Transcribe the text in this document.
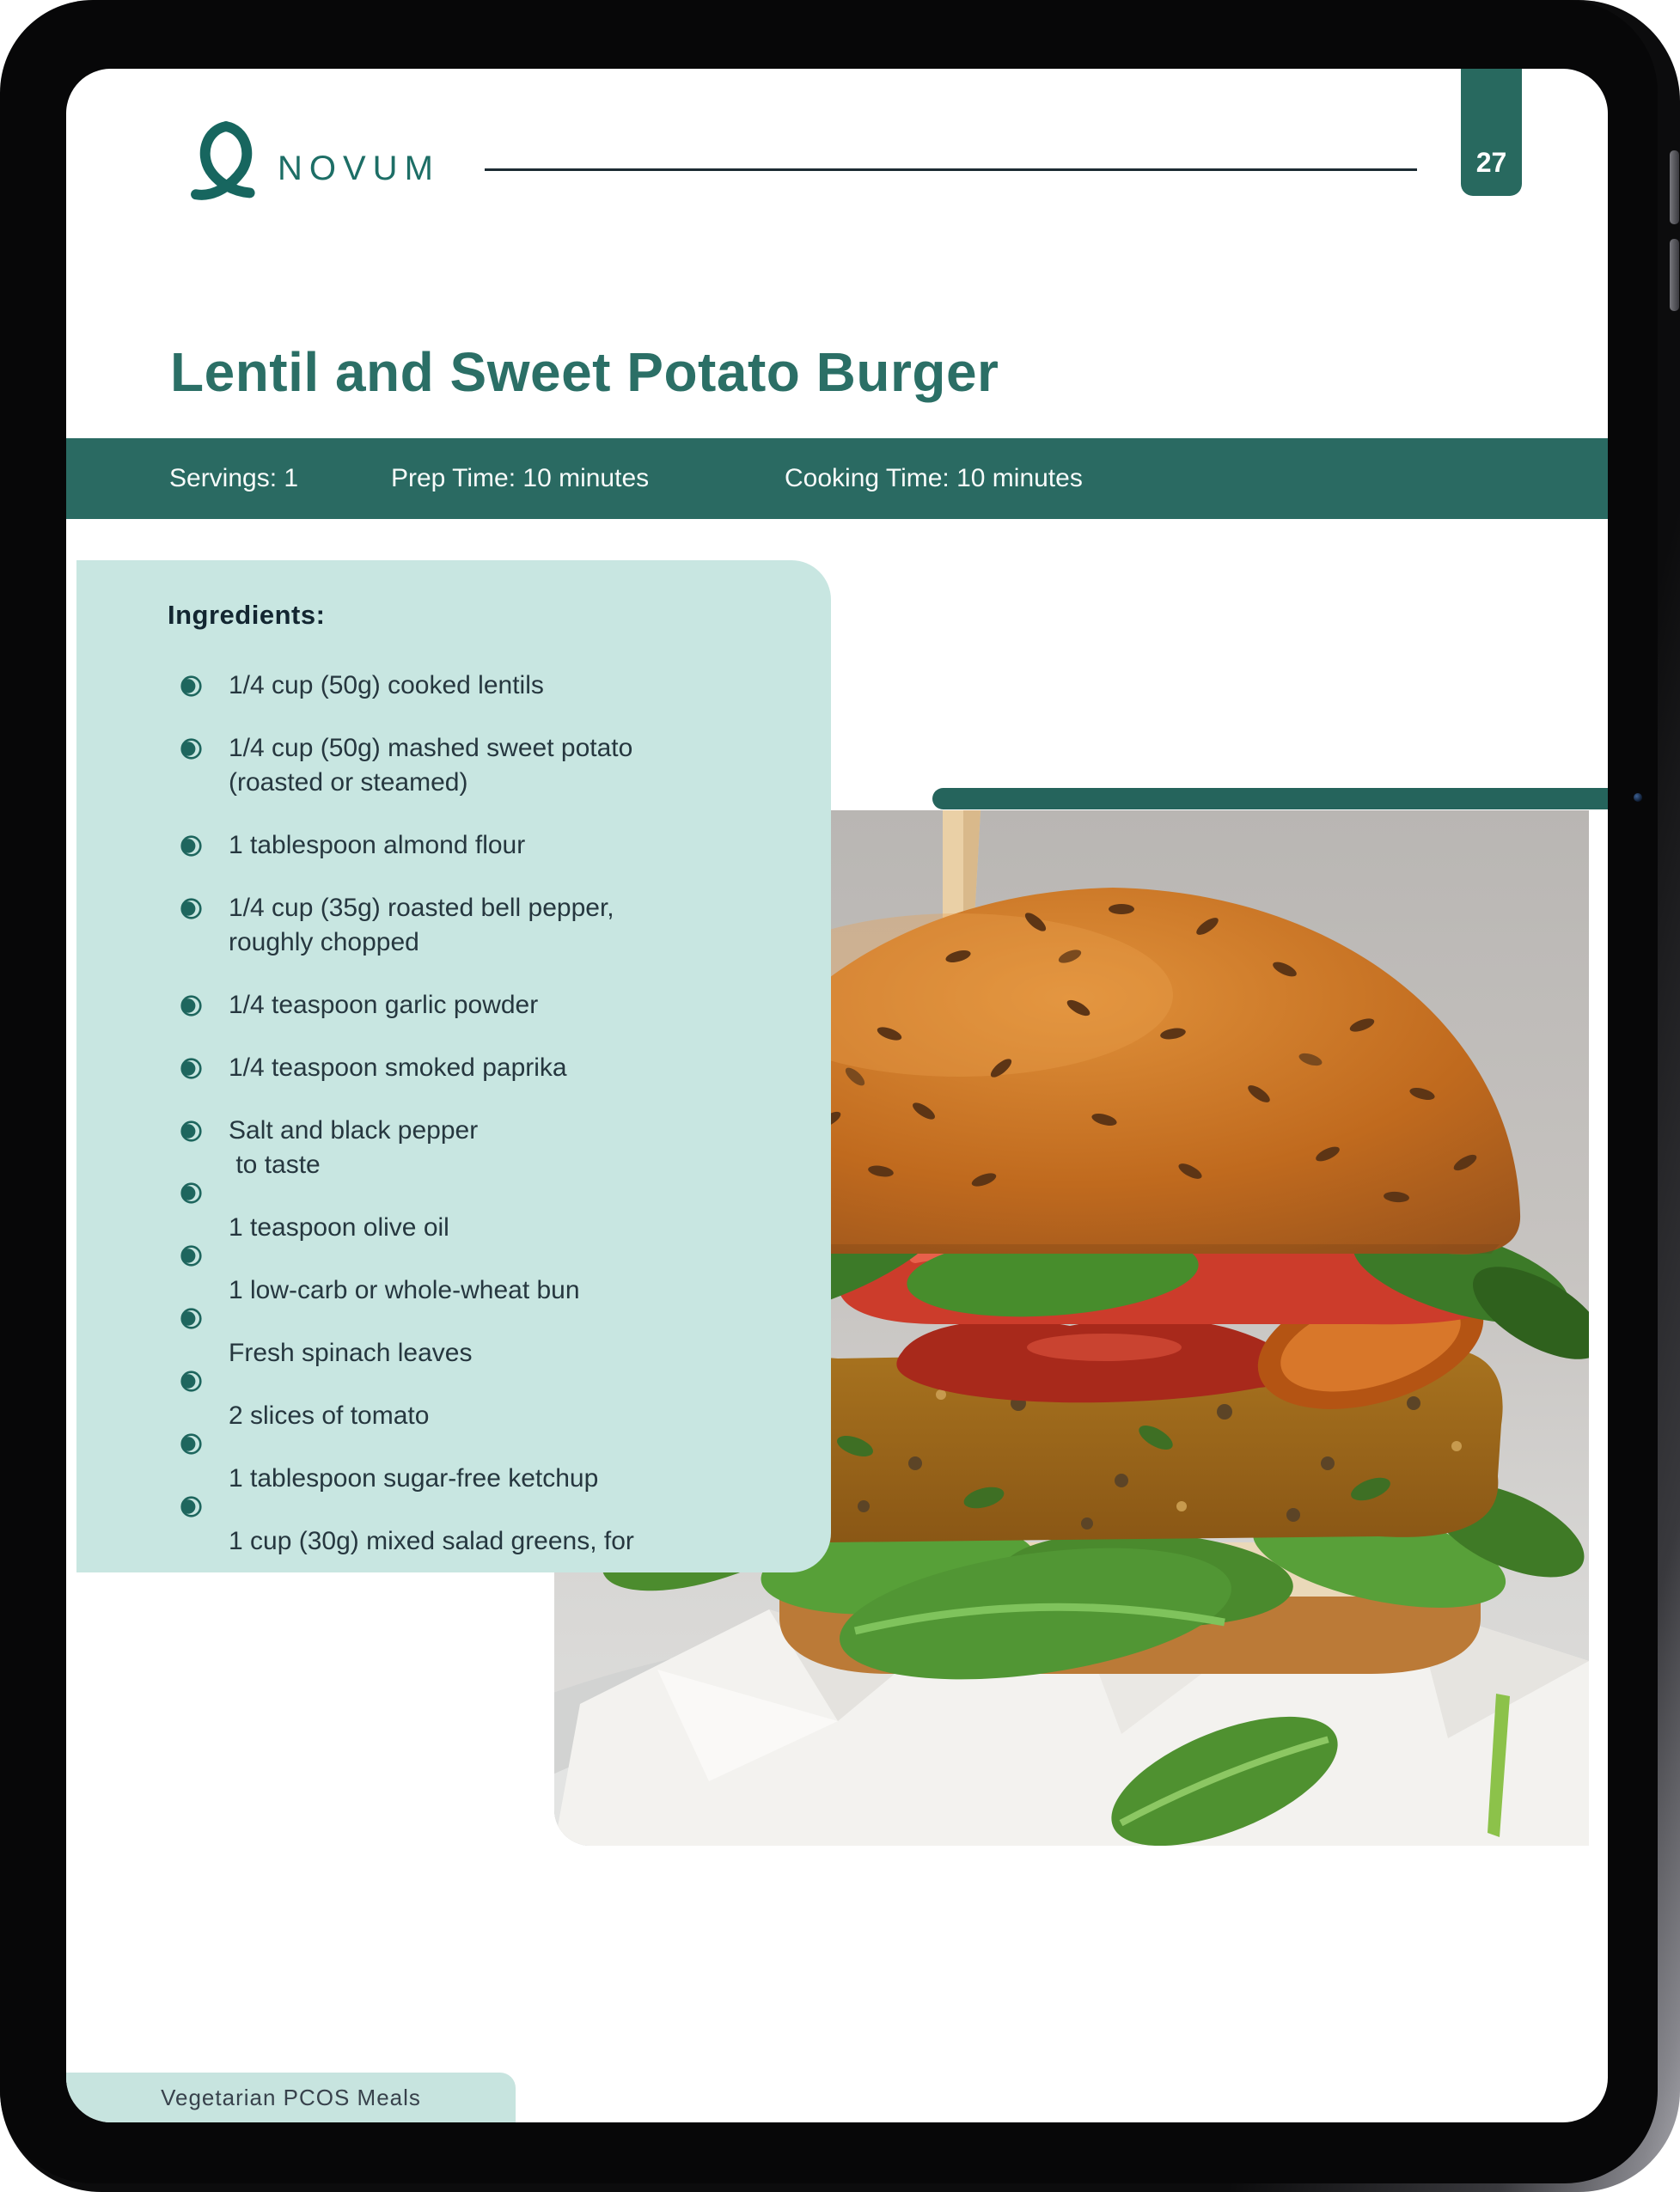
NOVUM	27
Lentil and Sweet Potato Burger
Servings: 1	Prep Time: 10 minutes	Cooking Time: 10 minutes
Ingredients:
1/4 cup (50g) cooked lentils
1/4 cup (50g) mashed sweet potato
(roasted or steamed)
1 tablespoon almond flour
1/4 cup (35g) roasted bell pepper,
roughly chopped
1/4 teaspoon garlic powder
1/4 teaspoon smoked paprika
Salt and black pepper
to taste
1 teaspoon olive oil
1 low-carb or whole-wheat bun
Fresh spinach leaves
2 slices of tomato
1 tablespoon sugar-free ketchup
1 cup (30g) mixed salad greens, for
Vegetarian PCOS Meals
